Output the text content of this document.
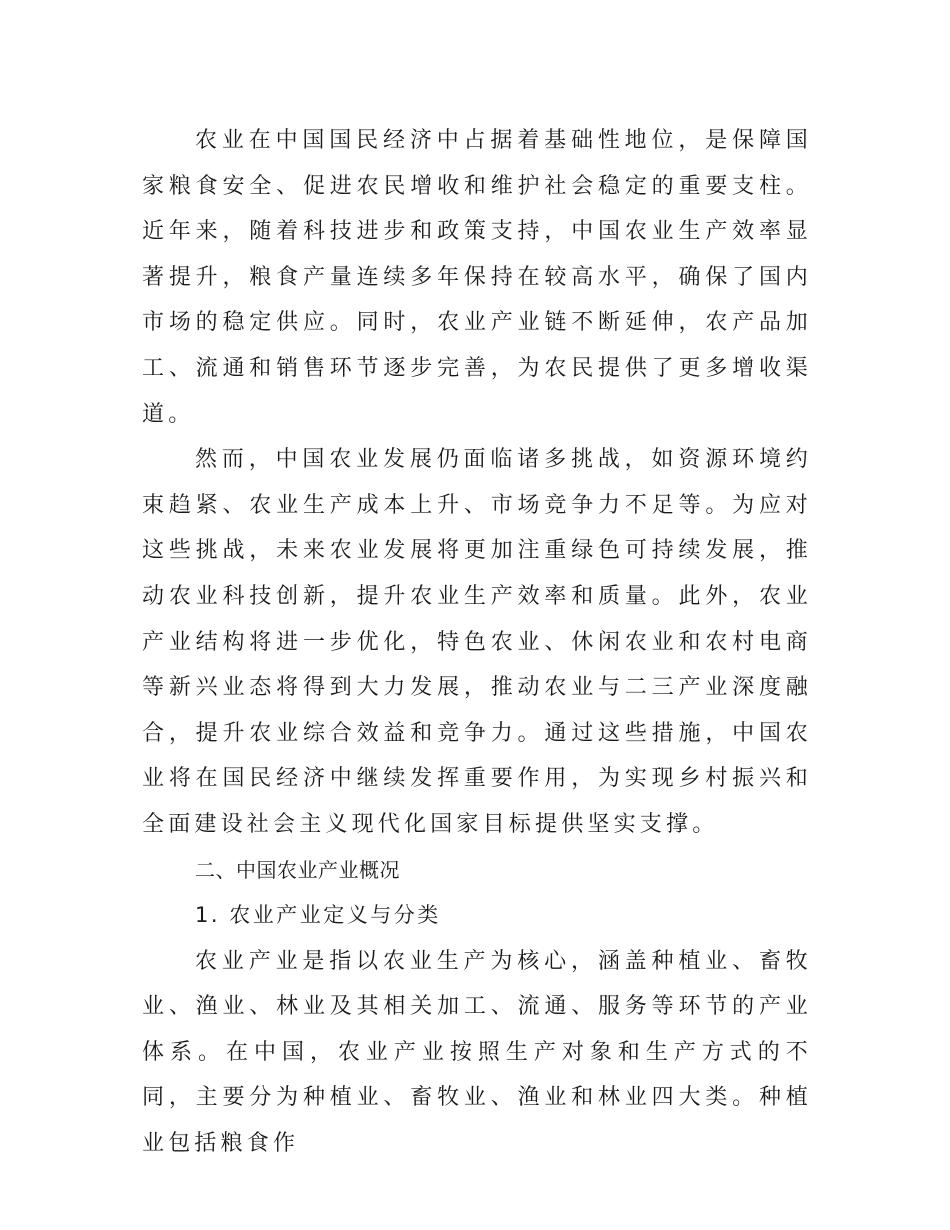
农业在中国国民经济中占据着基础性地位，是保障国家粮食安全、促进农民增收和维护社会稳定的重要支柱。近年来，随着科技进步和政策支持，中国农业生产效率显著提升，粮食产量连续多年保持在较高水平，确保了国内市场的稳定供应。同时，农业产业链不断延伸，农产品加工、流通和销售环节逐步完善，为农民提供了更多增收渠道。

然而，中国农业发展仍面临诸多挑战，如资源环境约束趋紧、农业生产成本上升、市场竞争力不足等。为应对这些挑战，未来农业发展将更加注重绿色可持续发展，推动农业科技创新，提升农业生产效率和质量。此外，农业产业结构将进一步优化，特色农业、休闲农业和农村电商等新兴业态将得到大力发展，推动农业与二三产业深度融合，提升农业综合效益和竞争力。通过这些措施，中国农业将在国民经济中继续发挥重要作用，为实现乡村振兴和全面建设社会主义现代化国家目标提供坚实支撑。

二、中国农业产业概况
1. 农业产业定义与分类

农业产业是指以农业生产为核心，涵盖种植业、畜牧业、渔业、林业及其相关加工、流通、服务等环节的产业体系。在中国，农业产业按照生产对象和生产方式的不同，主要分为种植业、畜牧业、渔业和林业四大类。种植业包括粮食作
